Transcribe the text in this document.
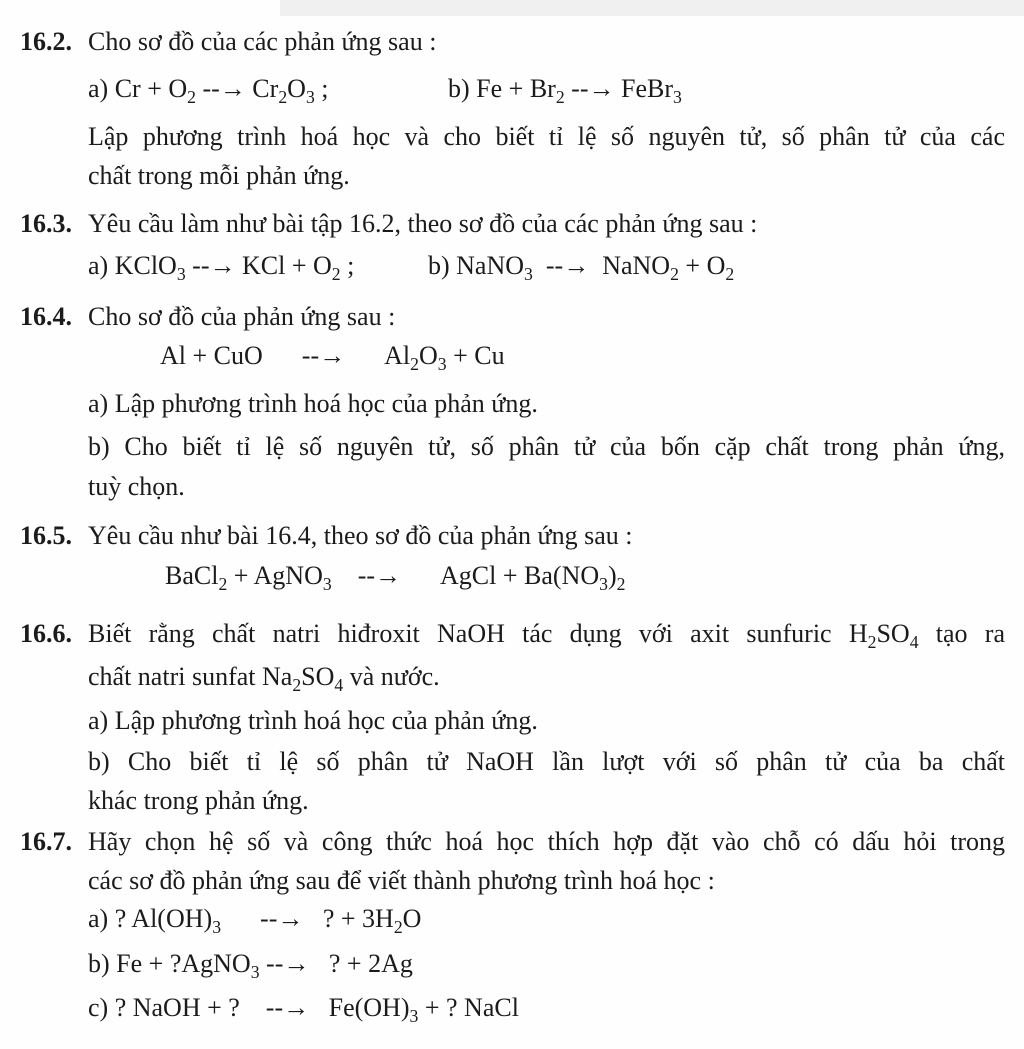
16.2. Cho sơ đồ của các phản ứng sau :
a) $Cr + O_2$ --→ $Cr_2O_3$ ;	b) $Fe + Br_2$ --→ FeBr$_3$
Lập phương trình hoá học và cho biết tỉ lệ số nguyên tử, số phân tử của các
chất trong mỗi phản ứng.
16.3. Yêu cầu làm như bài tập 16.2, theo sơ đồ của các phản ứng sau :
a) KClO$_3$ --→ KCl + $O_2$ ;	b) NaNO$_3$ --→ NaNO$_2$ + $O_2$
16.4. Cho sơ đồ của phản ứng sau :
Al + CuO  --→  $Al_2O_3 + Cu$
a) Lập phương trình hoá học của phản ứng.
b) Cho biết tỉ lệ số nguyên tử, số phân tử của bốn cặp chất trong phản ứng,
tuỳ chọn.
16.5. Yêu cầu như bài 16.4, theo sơ đồ của phản ứng sau :
BaCl$_2$ + AgNO$_3$ --→  AgCl + $Ba(NO_3)_2$
16.6. Biết rằng chất natri hiđroxit NaOH tác dụng với axit sunfuric $H_2SO_4$ tạo ra
chất natri sunfat $Na_2SO_4$ và nước.
a) Lập phương trình hoá học của phản ứng.
b) Cho biết tỉ lệ số phân tử NaOH lần lượt với số phân tử của ba chất
khác trong phản ứng.
16.7. Hãy chọn hệ số và công thức hoá học thích hợp đặt vào chỗ có dấu hỏi trong
các sơ đồ phản ứng sau để viết thành phương trình hoá học :
a) ? $Al(OH)_3$  --→  ? + $3H_2O$
b) Fe + ?AgNO$_3$ --→  ? + 2Ag
c) ? NaOH + ? --→  $Fe(OH)_3$ + ? NaCl
